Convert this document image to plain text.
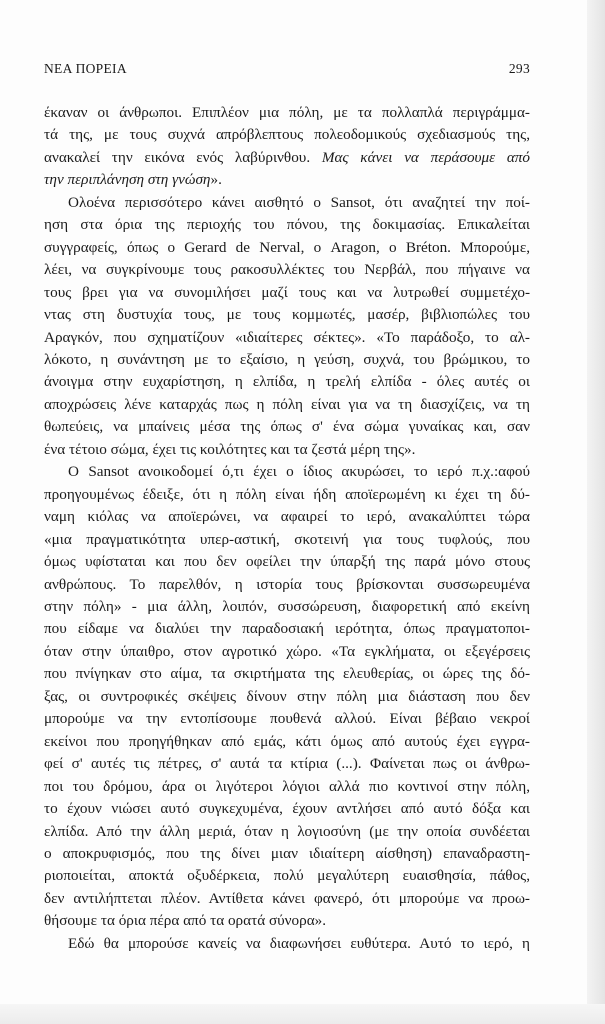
ΝΕΑ ΠΟΡΕΙΑ	293

έκαναν οι άνθρωποι. Επιπλέον μια πόλη, με τα πολλαπλά περιγράμμα-
τά της, με τους συχνά απρόβλεπτους πολεοδομικούς σχεδιασμούς της,
ανακαλεί την εικόνα ενός λαβύρινθου. Μας κάνει να περάσουμε από
την περιπλάνηση στη γνώση».

Ολοένα περισσότερο κάνει αισθητό ο Sansot, ότι αναζητεί την ποί-
ηση στα όρια της περιοχής του πόνου, της δοκιμασίας. Επικαλείται
συγγραφείς, όπως ο Gerard de Nerval, ο Aragon, ο Bréton. Μπορούμε,
λέει, να συγκρίνουμε τους ρακοσυλλέκτες του Νερβάλ, που πήγαινε να
τους βρει για να συνομιλήσει μαζί τους και να λυτρωθεί συμμετέχο-
ντας στη δυστυχία τους, με τους κομμωτές, μασέρ, βιβλιοπώλες του
Αραγκόν, που σχηματίζουν «ιδιαίτερες σέκτες». «Το παράδοξο, το αλ-
λόκοτο, η συνάντηση με το εξαίσιο, η γεύση, συχνά, του βρώμικου, το
άνοιγμα στην ευχαρίστηση, η ελπίδα, η τρελή ελπίδα - όλες αυτές οι
αποχρώσεις λένε καταρχάς πως η πόλη είναι για να τη διασχίζεις, να τη
θωπεύεις, να μπαίνεις μέσα της όπως σ' ένα σώμα γυναίκας και, σαν
ένα τέτοιο σώμα, έχει τις κοιλότητες και τα ζεστά μέρη της».

Ο Sansot ανοικοδομεί ό,τι έχει ο ίδιος ακυρώσει, το ιερό π.χ.:αφού
προηγουμένως έδειξε, ότι η πόλη είναι ήδη αποϊερωμένη κι έχει τη δύ-
ναμη κιόλας να αποϊερώνει, να αφαιρεί το ιερό, ανακαλύπτει τώρα
«μια πραγματικότητα υπερ-αστική, σκοτεινή για τους τυφλούς, που
όμως υφίσταται και που δεν οφείλει την ύπαρξή της παρά μόνο στους
ανθρώπους. Το παρελθόν, η ιστορία τους βρίσκονται συσσωρευμένα
στην πόλη» - μια άλλη, λοιπόν, συσσώρευση, διαφορετική από εκείνη
που είδαμε να διαλύει την παραδοσιακή ιερότητα, όπως πραγματοποι-
όταν στην ύπαιθρο, στον αγροτικό χώρο. «Τα εγκλήματα, οι εξεγέρσεις
που πνίγηκαν στο αίμα, τα σκιρτήματα της ελευθερίας, οι ώρες της δό-
ξας, οι συντροφικές σκέψεις δίνουν στην πόλη μια διάσταση που δεν
μπορούμε να την εντοπίσουμε πουθενά αλλού. Είναι βέβαιο νεκροί
εκείνοι που προηγήθηκαν από εμάς, κάτι όμως από αυτούς έχει εγγρα-
φεί σ' αυτές τις πέτρες, σ' αυτά τα κτίρια (...). Φαίνεται πως οι άνθρω-
ποι του δρόμου, άρα οι λιγότεροι λόγιοι αλλά πιο κοντινοί στην πόλη,
το έχουν νιώσει αυτό συγκεχυμένα, έχουν αντλήσει από αυτό δόξα και
ελπίδα. Από την άλλη μεριά, όταν η λογιοσύνη (με την οποία συνδέεται
ο αποκρυφισμός, που της δίνει μιαν ιδιαίτερη αίσθηση) επαναδραστη-
ριοποιείται, αποκτά οξυδέρκεια, πολύ μεγαλύτερη ευαισθησία, πάθος,
δεν αντιλήπτεται πλέον. Αντίθετα κάνει φανερό, ότι μπορούμε να προω-
θήσουμε τα όρια πέρα από τα ορατά σύνορα».

Εδώ θα μπορούσε κανείς να διαφωνήσει ευθύτερα. Αυτό το ιερό, η
